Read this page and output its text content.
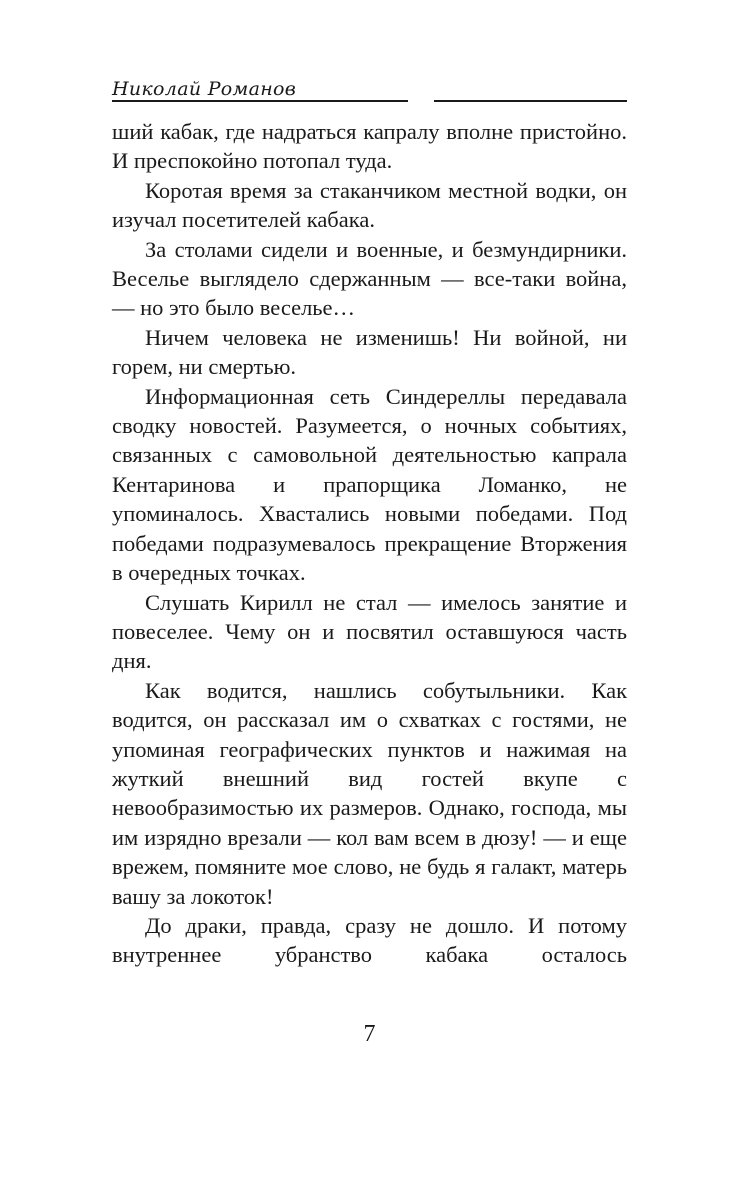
Николай Романов

ший кабак, где надраться капралу вполне пристойно. И преспокойно потопал туда.

Коротая время за стаканчиком местной водки, он изучал посетителей кабака.

За столами сидели и военные, и безмундирники. Веселье выглядело сдержанным — все-таки война, — но это было веселье…

Ничем человека не изменишь! Ни войной, ни горем, ни смертью.

Информационная сеть Синдереллы передавала сводку новостей. Разумеется, о ночных событиях, связанных с самовольной деятельностью капрала Кентаринова и прапорщика Ломанко, не упоминалось. Хвастались новыми победами. Под победами подразумевалось прекращение Вторжения в очередных точках.

Слушать Кирилл не стал — имелось занятие и повеселее. Чему он и посвятил оставшуюся часть дня.

Как водится, нашлись собутыльники. Как водится, он рассказал им о схватках с гостями, не упоминая географических пунктов и нажимая на жуткий внешний вид гостей вкупе с невообразимостью их размеров. Однако, господа, мы им изрядно врезали — кол вам всем в дюзу! — и еще врежем, помяните мое слово, не будь я галакт, матерь вашу за локоток!

До драки, правда, сразу не дошло. И потому внутреннее убранство кабака осталось

7
